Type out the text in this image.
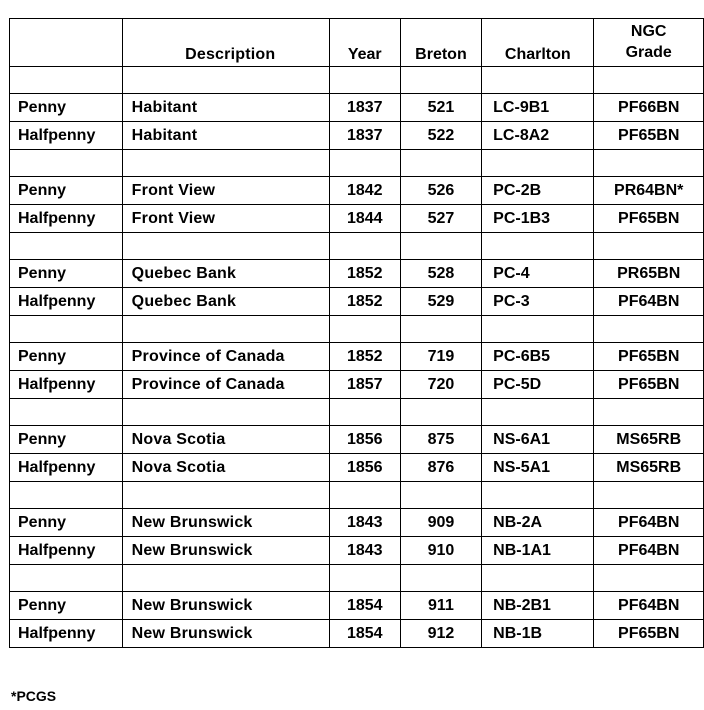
	Description	Year	Breton	Charlton	NGC
Grade

Penny	Habitant	1837	521	LC-9B1	PF66BN
Halfpenny	Habitant	1837	522	LC-8A2	PF65BN

Penny	Front View	1842	526	PC-2B	PR64BN*
Halfpenny	Front View	1844	527	PC-1B3	PF65BN

Penny	Quebec Bank	1852	528	PC-4	PR65BN
Halfpenny	Quebec Bank	1852	529	PC-3	PF64BN

Penny	Province of Canada	1852	719	PC-6B5	PF65BN
Halfpenny	Province of Canada	1857	720	PC-5D	PF65BN

Penny	Nova Scotia	1856	875	NS-6A1	MS65RB
Halfpenny	Nova Scotia	1856	876	NS-5A1	MS65RB

Penny	New Brunswick	1843	909	NB-2A	PF64BN
Halfpenny	New Brunswick	1843	910	NB-1A1	PF64BN

Penny	New Brunswick	1854	911	NB-2B1	PF64BN
Halfpenny	New Brunswick	1854	912	NB-1B	PF65BN
*PCGS
